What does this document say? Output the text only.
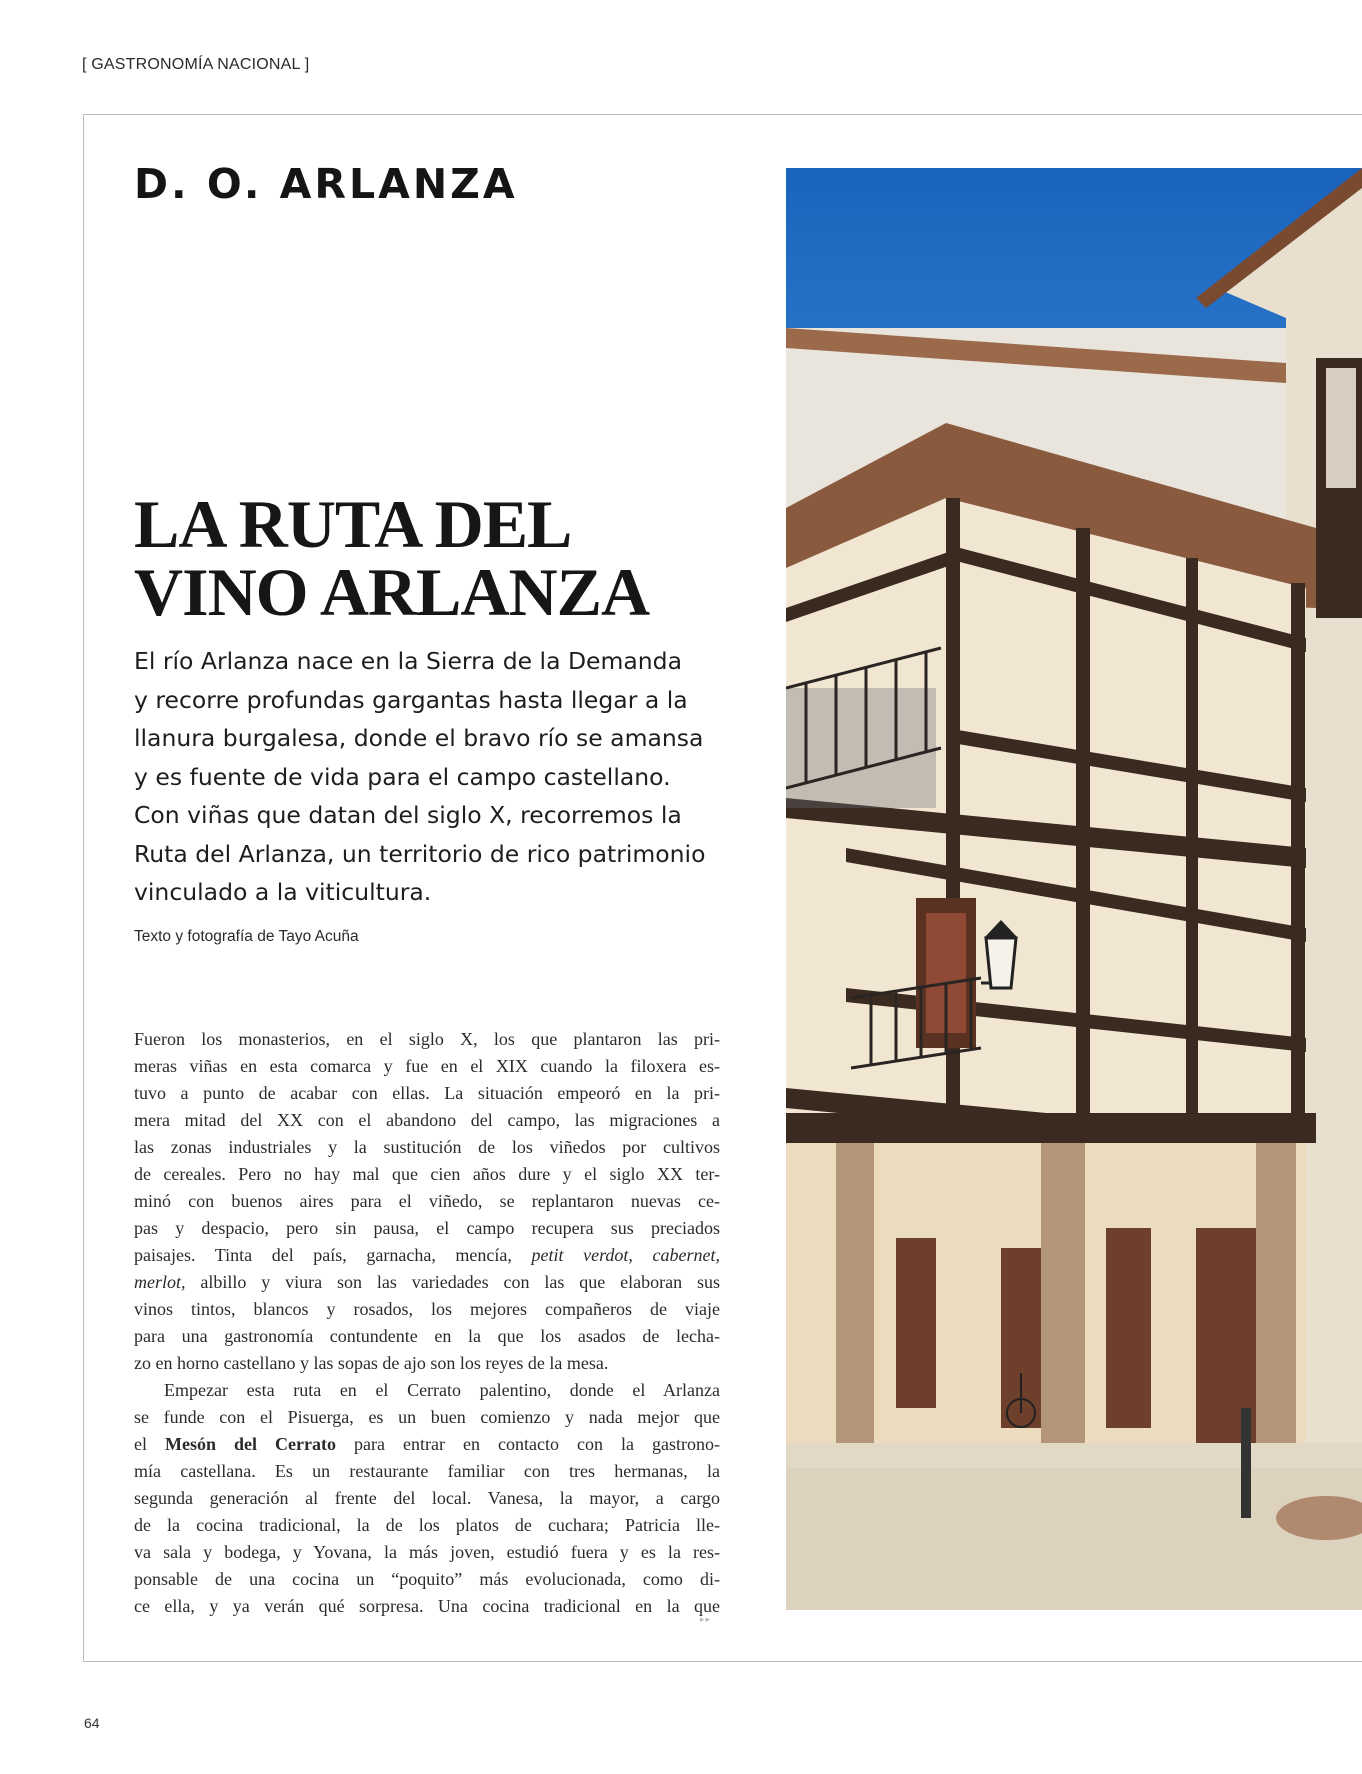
[ GASTRONOMÍA NACIONAL ]
D. O. ARLANZA
LA RUTA DEL
VINO ARLANZA

El río Arlanza nace en la Sierra de la Demanda
y recorre profundas gargantas hasta llegar a la
llanura burgalesa, donde el bravo río se amansa
y es fuente de vida para el campo castellano.
Con viñas que datan del siglo X, recorremos la
Ruta del Arlanza, un territorio de rico patrimonio
vinculado a la viticultura.

Texto y fotografía de Tayo Acuña
Fueron los monasterios, en el siglo X, los que plantaron las pri-
meras viñas en esta comarca y fue en el XIX cuando la filoxera es-
tuvo a punto de acabar con ellas. La situación empeoró en la pri-
mera mitad del XX con el abandono del campo, las migraciones a
las zonas industriales y la sustitución de los viñedos por cultivos
de cereales. Pero no hay mal que cien años dure y el siglo XX ter-
minó con buenos aires para el viñedo, se replantaron nuevas ce-
pas y despacio, pero sin pausa, el campo recupera sus preciados
paisajes. Tinta del país, garnacha, mencía, petit verdot, cabernet,
merlot, albillo y viura son las variedades con las que elaboran sus
vinos tintos, blancos y rosados, los mejores compañeros de viaje
para una gastronomía contundente en la que los asados de lecha-
zo en horno castellano y las sopas de ajo son los reyes de la mesa.
Empezar esta ruta en el Cerrato palentino, donde el Arlanza
se funde con el Pisuerga, es un buen comienzo y nada mejor que
el Mesón del Cerrato para entrar en contacto con la gastrono-
mía castellana. Es un restaurante familiar con tres hermanas, la
segunda generación al frente del local. Vanesa, la mayor, a cargo
de la cocina tradicional, la de los platos de cuchara; Patricia lle-
va sala y bodega, y Yovana, la más joven, estudió fuera y es la res-
ponsable de una cocina un “poquito” más evolucionada, como di-
ce ella, y ya verán qué sorpresa. Una cocina tradicional en la que
▸▸
64
